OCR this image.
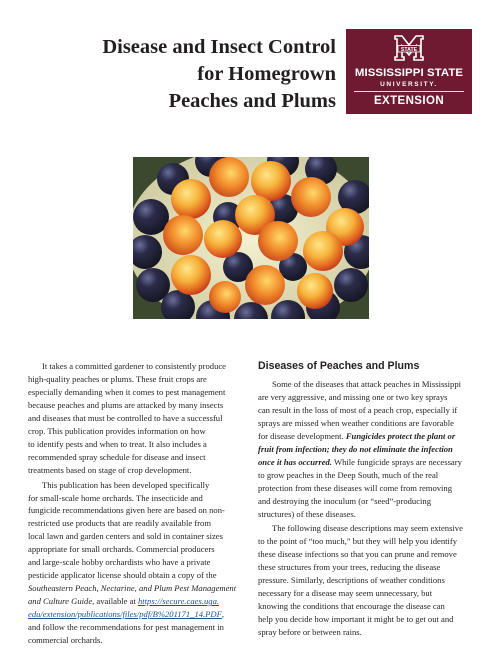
Disease and Insect Control
for Homegrown
Peaches and Plums
STATE
MISSISSIPPI STATE
UNIVERSITY.
EXTENSION

It takes a committed gardener to consistently produce
high-quality peaches or plums. These fruit crops are
especially demanding when it comes to pest management
because peaches and plums are attacked by many insects
and diseases that must be controlled to have a successful
crop. This publication provides information on how
to identify pests and when to treat. It also includes a
recommended spray schedule for disease and insect
treatments based on stage of crop development.

This publication has been developed specifically
for small-scale home orchards. The insecticide and
fungicide recommendations given here are based on non-
restricted use products that are readily available from
local lawn and garden centers and sold in container sizes
appropriate for small orchards. Commercial producers
and large-scale hobby orchardists who have a private
pesticide applicator license should obtain a copy of the
Southeastern Peach, Nectarine, and Plum Pest Management
and Culture Guide, available at https://secure.caes.uga.
edu/extension/publications/files/pdf/B%201171_14.PDF,
and follow the recommendations for pest management in
commercial orchards.

Diseases of Peaches and Plums

Some of the diseases that attack peaches in Mississippi
are very aggressive, and missing one or two key sprays
can result in the loss of most of a peach crop, especially if
sprays are missed when weather conditions are favorable
for disease development. Fungicides protect the plant or
fruit from infection; they do not eliminate the infection
once it has occurred. While fungicide sprays are necessary
to grow peaches in the Deep South, much of the real
protection from these diseases will come from removing
and destroying the inoculum (or “seed”-producing
structures) of these diseases.

The following disease descriptions may seem extensive
to the point of “too much,” but they will help you identify
these disease infections so that you can prune and remove
these structures from your trees, reducing the disease
pressure. Similarly, descriptions of weather conditions
necessary for a disease may seem unnecessary, but
knowing the conditions that encourage the disease can
help you decide how important it might be to get out and
spray before or between rains.
